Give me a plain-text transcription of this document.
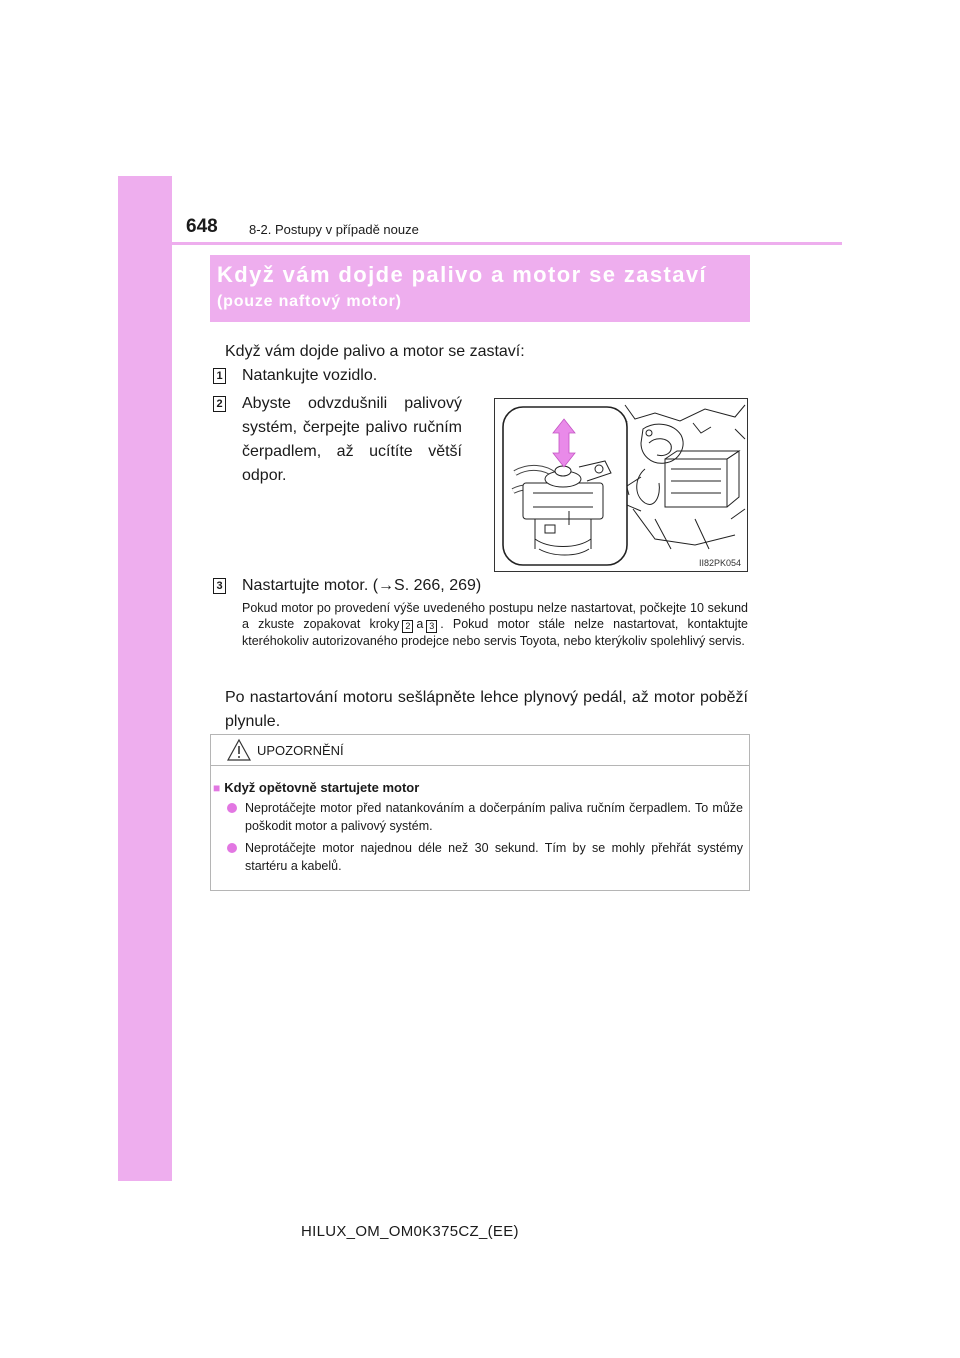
648 8-2. Postupy v případě nouze
Když vám dojde palivo a motor se zastaví
(pouze naftový motor)
Když vám dojde palivo a motor se zastaví:
1 Natankujte vozidlo.
2 Abyste odvzdušnili palivový systém, čerpejte palivo ručním čerpadlem, až ucítíte větší odpor.
II82PK054
3 Nastartujte motor. (→S. 266, 269)
Pokud motor po provedení výše uvedeného postupu nelze nastartovat, počkejte 10 sekund a zkuste zopakovat kroky 2 a 3 . Pokud motor stále nelze nastartovat, kontaktujte kteréhokoliv autorizovaného prodejce nebo servis Toyota, nebo kterýkoliv spolehlivý servis.
Po nastartování motoru sešlápněte lehce plynový pedál, až motor poběží plynule.
UPOZORNĚNÍ
■ Když opětovně startujete motor
Neprotáčejte motor před natankováním a dočerpáním paliva ručním čerpadlem. To může poškodit motor a palivový systém.
Neprotáčejte motor najednou déle než 30 sekund. Tím by se mohly přehřát systémy startéru a kabelů.
HILUX_OM_OM0K375CZ_(EE)
